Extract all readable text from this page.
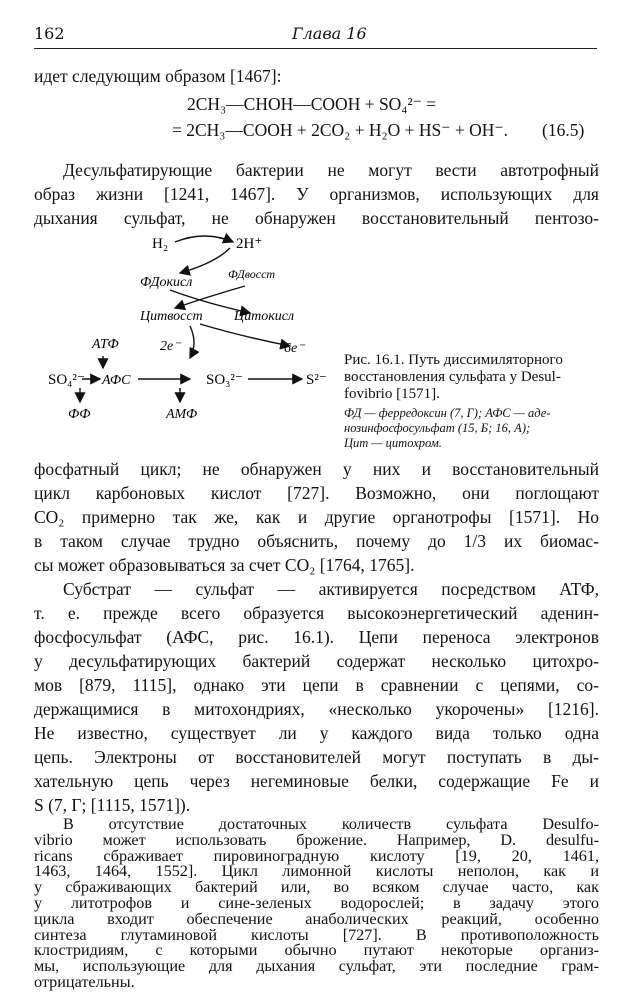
162	Глава 16
идет следующим образом [1467]:
2CH₃—CHOH—COOH + SO₄²⁻ =
= 2CH₃—COOH + 2CO₂ + H₂O + HS⁻ + OH⁻. (16.5)
Десульфатирующие бактерии не могут вести автотрофный
образ жизни [1241, 1467]. У организмов, использующих для
дыхания сульфат, не обнаружен восстановительный пентозо-
H₂	2H⁺
ФДокисл
ФДвосст
Цитвосст Цитокисл
АТФ	2e⁻	6e⁻
SO₄²⁻ АФС	SO₃²⁻	S²⁻
ФФ	АМФ
Рис. 16.1. Путь диссимиляторного
восстановления сульфата у Desul-
fovibrio [1571].
ФД — ферредоксин (7, Г); АФС — аде-
нозинфосфосульфат (15, Б; 16, А);
Цит — цитохром.
фосфатный цикл; не обнаружен у них и восстановительный
цикл карбоновых кислот [727]. Возможно, они поглощают
CO₂ примерно так же, как и другие органотрофы [1571]. Но
в таком случае трудно объяснить, почему до 1/3 их биомас-
сы может образовываться за счет CO₂ [1764, 1765].
Субстрат — сульфат — активируется посредством АТФ,
т. е. прежде всего образуется высокоэнергетический аденин-
фосфосульфат (АФС, рис. 16.1). Цепи переноса электронов
у десульфатирующих бактерий содержат несколько цитохро-
мов [879, 1115], однако эти цепи в сравнении с цепями, со-
держащимися в митохондриях, «несколько укорочены» [1216].
Не известно, существует ли у каждого вида только одна
цепь. Электроны от восстановителей могут поступать в ды-
хательную цепь через негеминовые белки, содержащие Fe и
S (7, Г; [1115, 1571]).
В отсутствие достаточных количеств сульфата Desulfo-
vibrio может использовать брожение. Например, D. desulfu-
ricans сбраживает пировиноградную кислоту [19, 20, 1461,
1463, 1464, 1552]. Цикл лимонной кислоты неполон, как и
у сбраживающих бактерий или, во всяком случае часто, как
у литотрофов и сине-зеленых водорослей; в задачу этого
цикла входит обеспечение анаболических реакций, особенно
синтеза глутаминовой кислоты [727]. В противоположность
клостридиям, с которыми обычно путают некоторые организ-
мы, использующие для дыхания сульфат, эти последние грам-
отрицательны.
